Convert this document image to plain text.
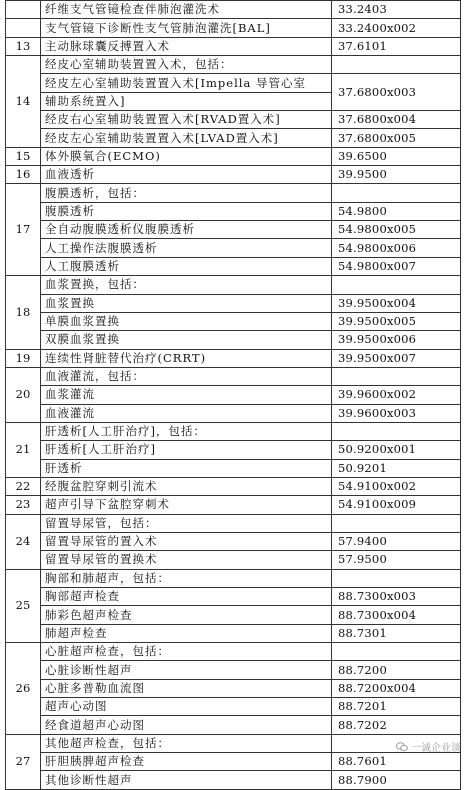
	纤维支气管镜检查伴肺泡灌洗术	33.2403
	支气管镜下诊断性支气管肺泡灌洗[BAL]	33.2400x002
13	主动脉球囊反搏置入术	37.6101
14	经皮心室辅助装置置入术，包括：	
	经皮左心室辅助装置置入术[Impella 导管心室	37.6800x003
	辅助系统置入]	
	经皮右心室辅助装置置入术[RVAD置入术]	37.6800x004
	经皮左心室辅助装置置入术[LVAD置入术]	37.6800x005
15	体外膜氧合(ECMO)	39.6500
16	血液透析	39.9500
17	腹膜透析，包括：	
	腹膜透析	54.9800
	全自动腹膜透析仪腹膜透析	54.9800x005
	人工操作法腹膜透析	54.9800x006
	人工腹膜透析	54.9800x007
18	血浆置换，包括：	
	血浆置换	39.9500x004
	单膜血浆置换	39.9500x005
	双膜血浆置换	39.9500x006
19	连续性肾脏替代治疗(CRRT)	39.9500x007
20	血液灌流，包括：	
	血浆灌流	39.9600x002
	血液灌流	39.9600x003
21	肝透析[人工肝治疗]，包括：	
	肝透析[人工肝治疗]	50.9200x001
	肝透析	50.9201
22	经腹盆腔穿刺引流术	54.9100x002
23	超声引导下盆腔穿刺术	54.9100x009
24	留置导尿管，包括：	
	留置导尿管的置入术	57.9400
	留置导尿管的置换术	57.9500
25	胸部和肺超声，包括：	
	胸部超声检查	88.7300x003
	肺彩色超声检查	88.7300x004
	肺超声检查	88.7301
26	心脏超声检查，包括：	
	心脏诊断性超声	88.7200
	心脏多普勒血流图	88.7200x004
	超声心动图	88.7201
	经食道超声心动图	88.7202
27	其他超声检查，包括：	
	肝胆胰脾超声检查	88.7601
	其他诊断性超声	88.7900
一诚企业谈
